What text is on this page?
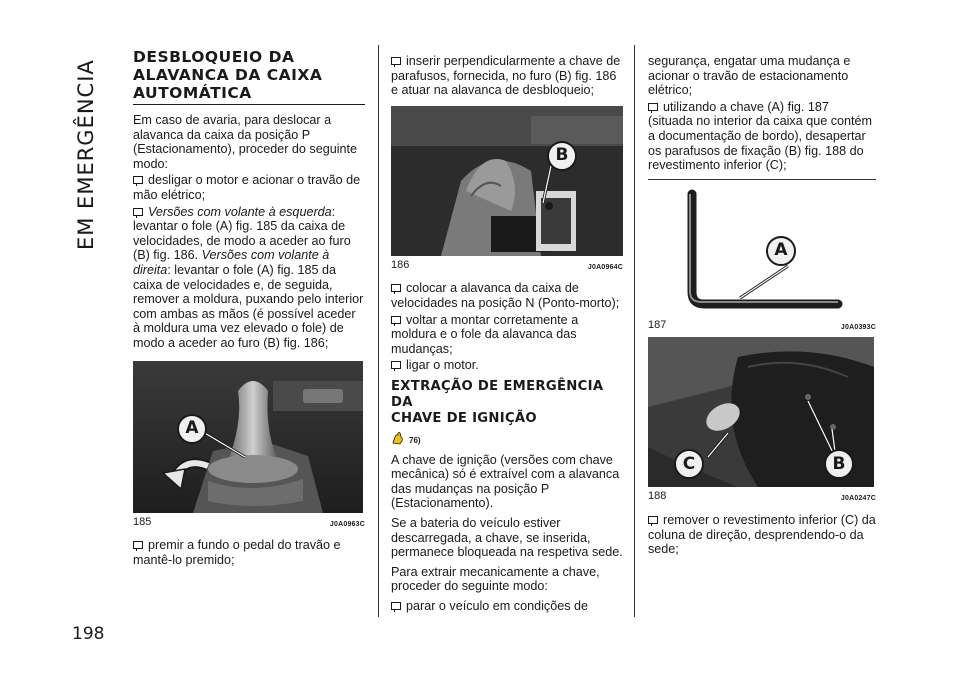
EM EMERGÊNCIA
198
DESBLOQUEIO DA
ALAVANCA DA CAIXA
AUTOMÁTICA

Em caso de avaria, para deslocar a alavanca da caixa da posição P (Estacionamento), proceder do seguinte modo:

desligar o motor e acionar o travão de mão elétrico;

Versões com volante à esquerda: levantar o fole (A) fig. 185 da caixa de velocidades, de modo a aceder ao furo (B) fig. 186. Versões com volante à direita: levantar o fole (A) fig. 185 da caixa de velocidades e, de seguida, remover a moldura, puxando pelo interior com ambas as mãos (é possível aceder à moldura uma vez elevado o fole) de modo a aceder ao furo (B) fig. 186;

A
185	J0A0963C

premir a fundo o pedal do travão e mantê-lo premido;

inserir perpendicularmente a chave de parafusos, fornecida, no furo (B) fig. 186 e atuar na alavanca de desbloqueio;

B
186	J0A0964C

colocar a alavanca da caixa de velocidades na posição N (Ponto-morto);

voltar a montar corretamente a moldura e o fole da alavanca das mudanças;

ligar o motor.

EXTRAÇÃO DE EMERGÊNCIA DA
CHAVE DE IGNIÇÃO
76)

A chave de ignição (versões com chave mecânica) só é extraível com a alavanca das mudanças na posição P (Estacionamento).

Se a bateria do veículo estiver descarregada, a chave, se inserida, permanece bloqueada na respetiva sede.

Para extrair mecanicamente a chave, proceder do seguinte modo:

parar o veículo em condições de

segurança, engatar uma mudança e acionar o travão de estacionamento elétrico;

utilizando a chave (A) fig. 187 (situada no interior da caixa que contém a documentação de bordo), desapertar os parafusos de fixação (B) fig. 188 do revestimento inferior (C);

A
187	J0A0393C
C	B
188	J0A0247C

remover o revestimento inferior (C) da coluna de direção, desprendendo-o da sede;
